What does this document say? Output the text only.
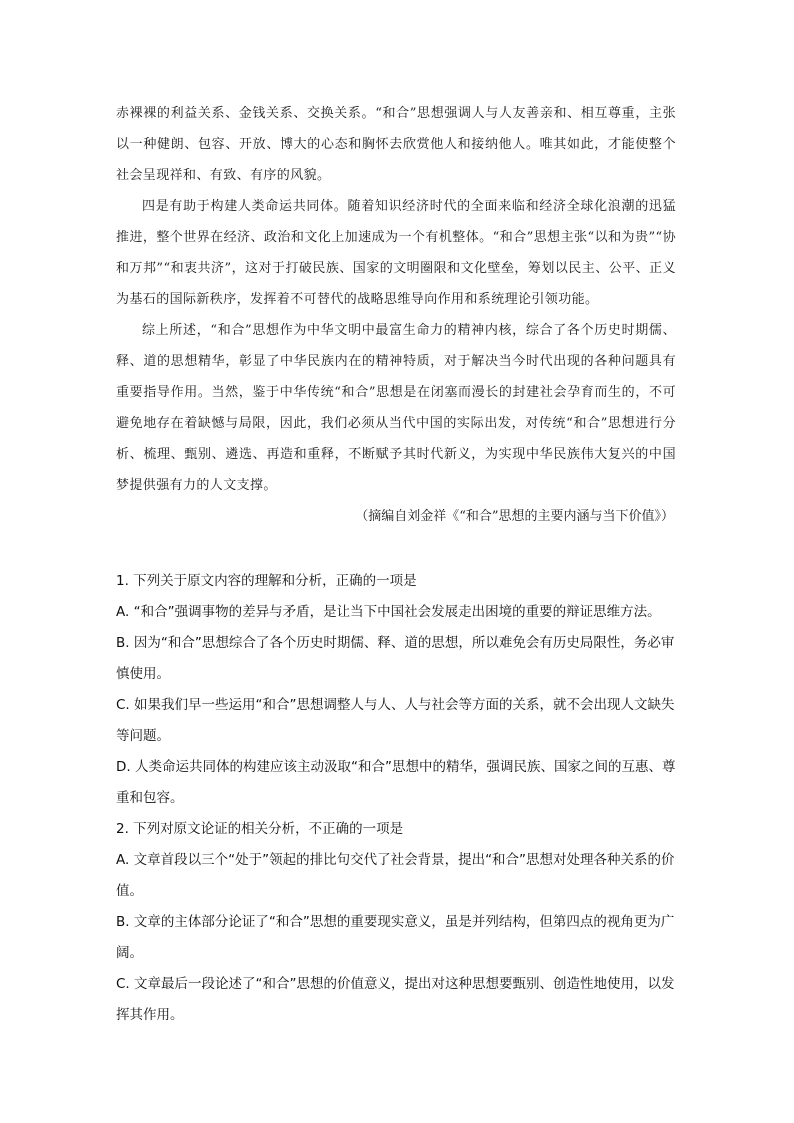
赤裸裸的利益关系、金钱关系、交换关系。“和合”思想强调人与人友善亲和、相互尊重，主张以一种健朗、包容、开放、博大的心态和胸怀去欣赏他人和接纳他人。唯其如此，才能使整个社会呈现祥和、有致、有序的风貌。

四是有助于构建人类命运共同体。随着知识经济时代的全面来临和经济全球化浪潮的迅猛推进，整个世界在经济、政治和文化上加速成为一个有机整体。“和合”思想主张“以和为贵”“协和万邦”“和衷共济”，这对于打破民族、国家的文明圈限和文化壁垒，筹划以民主、公平、正义为基石的国际新秩序，发挥着不可替代的战略思维导向作用和系统理论引领功能。

综上所述，“和合”思想作为中华文明中最富生命力的精神内核，综合了各个历史时期儒、释、道的思想精华，彰显了中华民族内在的精神特质，对于解决当今时代出现的各种问题具有重要指导作用。当然，鉴于中华传统“和合”思想是在闭塞而漫长的封建社会孕育而生的，不可避免地存在着缺憾与局限，因此，我们必须从当代中国的实际出发，对传统“和合”思想进行分析、梳理、甄别、遴选、再造和重释，不断赋予其时代新义，为实现中华民族伟大复兴的中国梦提供强有力的人文支撑。

（摘编自刘金祥《“和合”思想的主要内涵与当下价值》）

1. 下列关于原文内容的理解和分析，正确的一项是

A. “和合”强调事物的差异与矛盾，是让当下中国社会发展走出困境的重要的辩证思维方法。

B. 因为“和合”思想综合了各个历史时期儒、释、道的思想，所以难免会有历史局限性，务必审慎使用。

C. 如果我们早一些运用“和合”思想调整人与人、人与社会等方面的关系，就不会出现人文缺失等问题。

D. 人类命运共同体的构建应该主动汲取“和合”思想中的精华，强调民族、国家之间的互惠、尊重和包容。

2. 下列对原文论证的相关分析，不正确的一项是

A. 文章首段以三个“处于”领起的排比句交代了社会背景，提出“和合”思想对处理各种关系的价值。

B. 文章的主体部分论证了“和合”思想的重要现实意义，虽是并列结构，但第四点的视角更为广阔。

C. 文章最后一段论述了“和合”思想的价值意义，提出对这种思想要甄别、创造性地使用，以发挥其作用。
